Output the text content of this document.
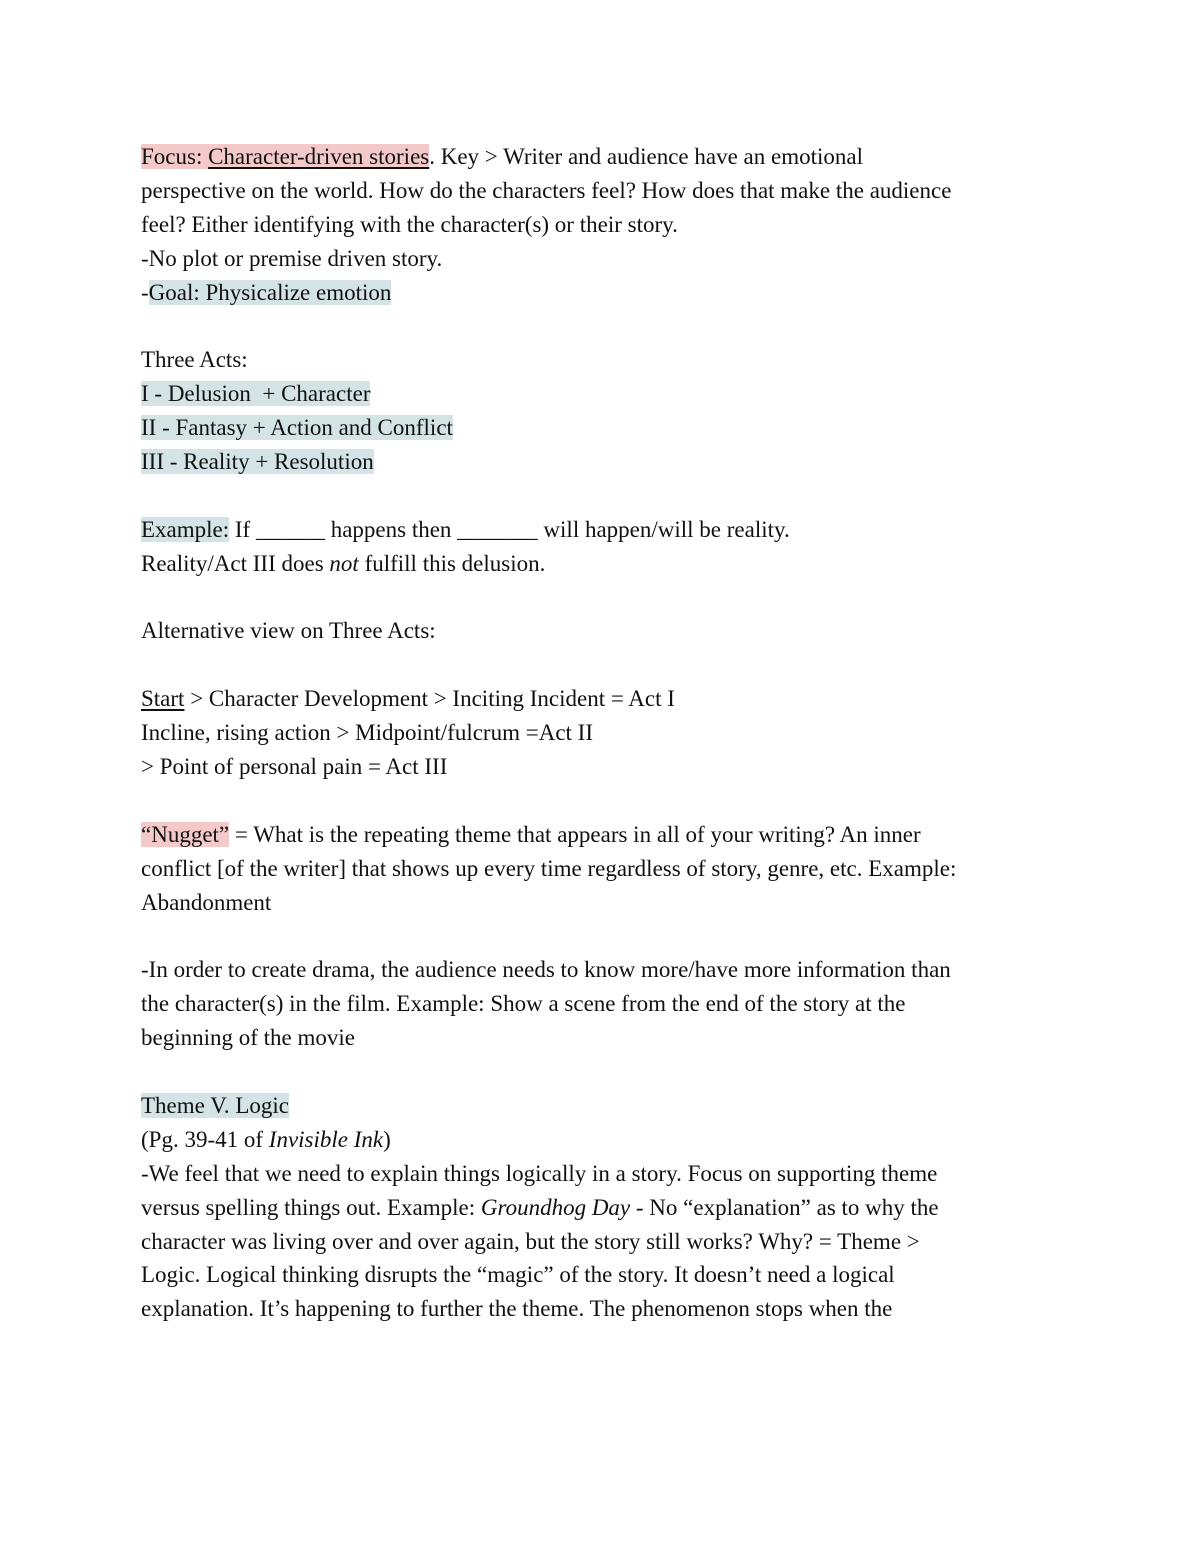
Focus: Character-driven stories. Key > Writer and audience have an emotional
perspective on the world. How do the characters feel? How does that make the audience
feel? Either identifying with the character(s) or their story.
-No plot or premise driven story.
-Goal: Physicalize emotion
Three Acts:
I - Delusion  + Character
II - Fantasy + Action and Conflict
III - Reality + Resolution
Example: If ______ happens then _______ will happen/will be reality.
Reality/Act III does not fulfill this delusion.
Alternative view on Three Acts:
Start > Character Development > Inciting Incident = Act I
Incline, rising action > Midpoint/fulcrum =Act II
> Point of personal pain = Act III
“Nugget” = What is the repeating theme that appears in all of your writing? An inner
conflict [of the writer] that shows up every time regardless of story, genre, etc. Example:
Abandonment
-In order to create drama, the audience needs to know more/have more information than
the character(s) in the film. Example: Show a scene from the end of the story at the
beginning of the movie
Theme V. Logic
(Pg. 39-41 of Invisible Ink)
-We feel that we need to explain things logically in a story. Focus on supporting theme
versus spelling things out. Example: Groundhog Day - No “explanation” as to why the
character was living over and over again, but the story still works? Why? = Theme >
Logic. Logical thinking disrupts the “magic” of the story. It doesn’t need a logical
explanation. It’s happening to further the theme. The phenomenon stops when the
